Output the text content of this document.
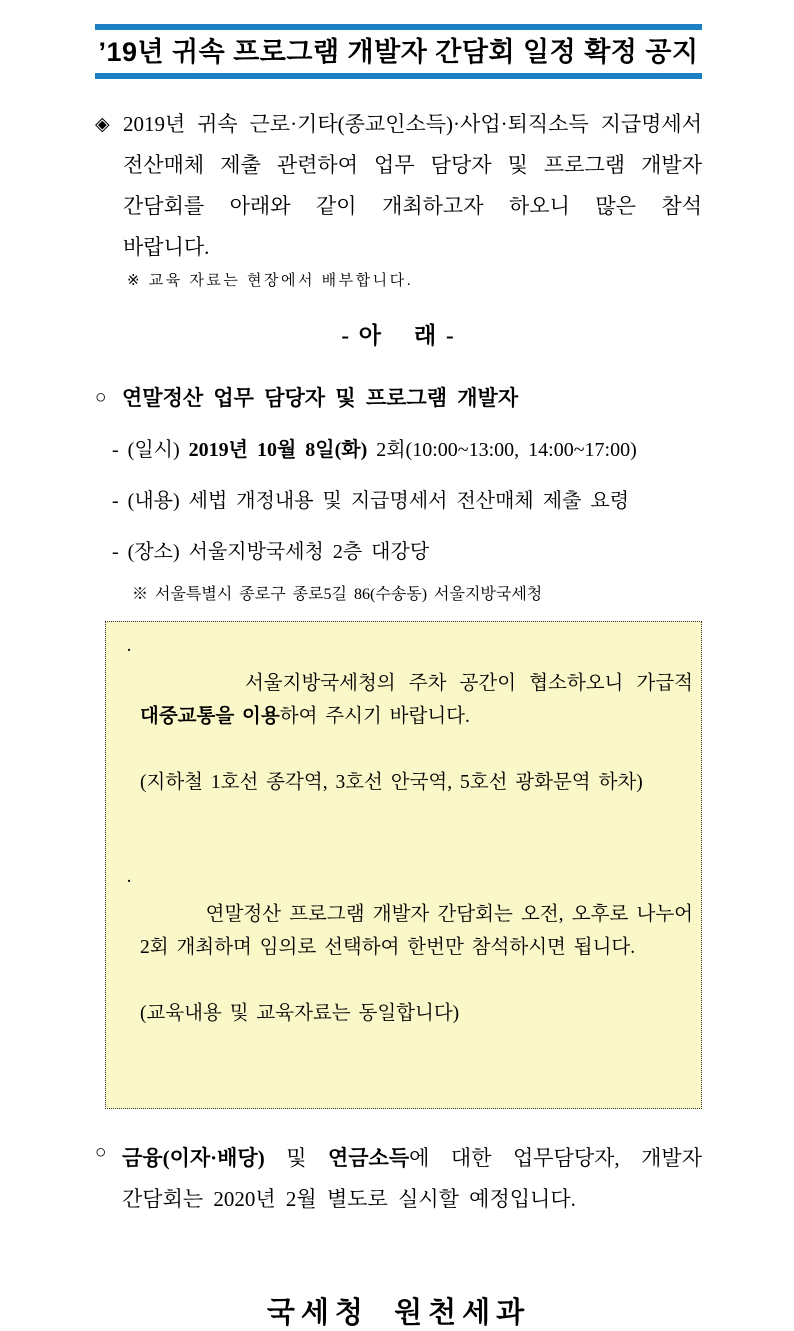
’19년 귀속 프로그램 개발자 간담회 일정 확정 공지
◈ 2019년 귀속 근로·기타(종교인소득)·사업·퇴직소득 지급명세서 전산매체 제출 관련하여 업무 담당자 및 프로그램 개발자 간담회를 아래와 같이 개최하고자 하오니 많은 참석 바랍니다.
※ 교육 자료는 현장에서 배부합니다.
- 아    래 -
○ 연말정산 업무 담당자 및 프로그램 개발자
- (일시) 2019년 10월 8일(화) 2회(10:00~13:00, 14:00~17:00)
- (내용) 세법 개정내용 및 지급명세서 전산매체 제출 요령
- (장소) 서울지방국세청 2층 대강당
※ 서울특별시 종로구 종로5길 86(수송동) 서울지방국세청
·

서울지방국세청의 주차 공간이 협소하오니 가급적 대중교통을 이용하여 주시기 바랍니다.

(지하철 1호선 종각역, 3호선 안국역, 5호선 광화문역 하차)

·

연말정산 프로그램 개발자 간담회는 오전, 오후로 나누어 2회 개최하며 임의로 선택하여 한번만 참석하시면 됩니다.

(교육내용 및 교육자료는 동일합니다)

○ 금융(이자·배당) 및 연금소득에 대한 업무담당자, 개발자 간담회는 2020년 2월 별도로 실시할 예정입니다.
국세청 원천세과
